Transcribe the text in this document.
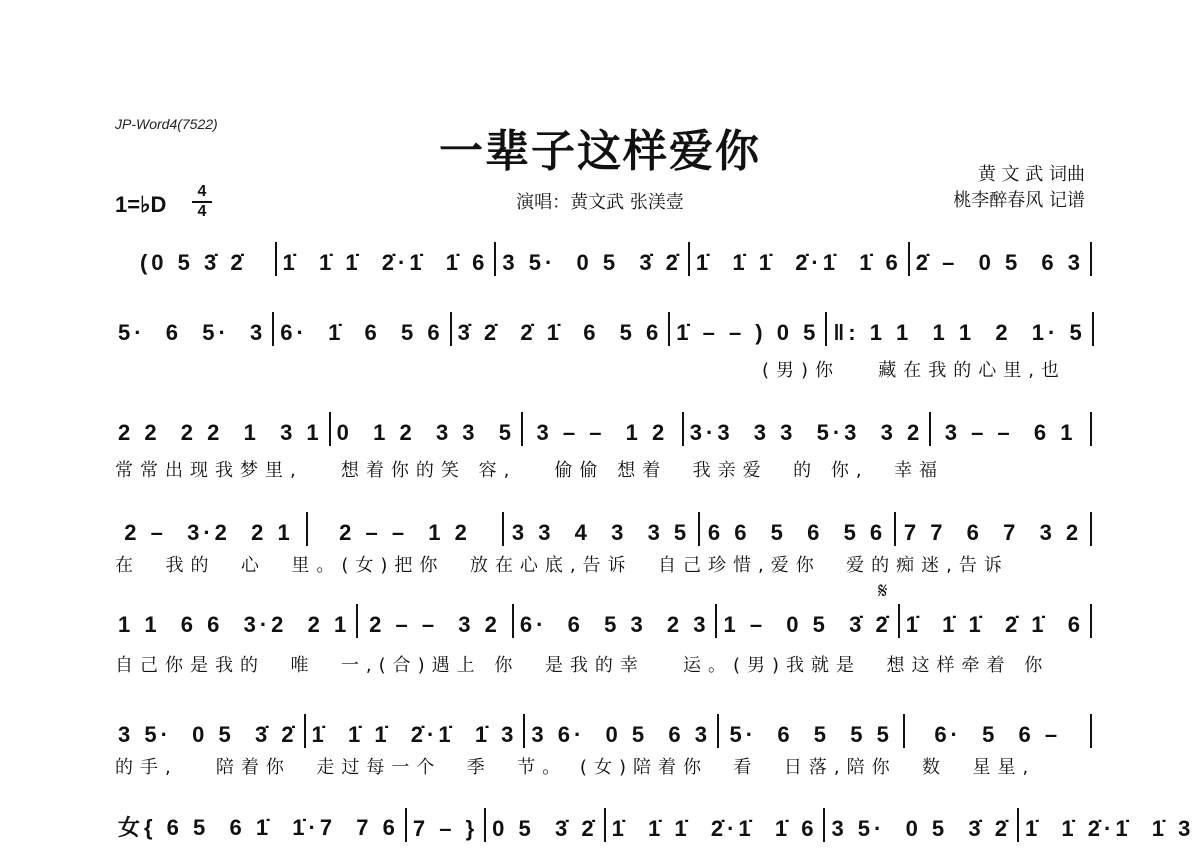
JP-Word4(7522)
一辈子这样爱你	黄 文 武 词曲
桃李醉春风 记谱
1=♭D
4
4	演唱：黄文武 张渼壹
(0 5 3̇ 2̇ 1̇  1̇ 1̇  2̇·1̇  1̇ 6 3 5·  0 5  3̇ 2̇ 1̇  1̇ 1̇  2̇·1̇  1̇ 6 2̇ –  0 5  6 3
5·  6  5·  3 6·  1̇  6  5 6 3̇ 2̇  2̇ 1̇  6  5 6 1̇ – – ) 0 5 ‖: 1 1  1 1  2  1· 5
(男)你   藏在我的心里,也
2 2  2 2  1  3 1 0  1 2  3 3  5 3 – –  1 2 3·3  3 3  5·3  3 2 3 – –  6 1
常常出现我梦里,   想着你的笑 容,   偷偷 想着  我亲爱  的 你,  幸福
2 –  3·2  2 1 2 – –  1 2 3 3  4  3  3 5 6 6  5  6  5 6 7 7  6  7  3 2
在  我的  心  里。(女)把你  放在心底,告诉  自己珍惜,爱你  爱的痴迷,告诉
1 1  6 6  3·2  2 1 2 – –  3 2 6·  6  5 3  2 3 1 –  0 5  3̇ 2̇ 1̇  1̇ 1̇  2̇ 1̇  6
自己你是我的  唯  一,(合)遇上 你  是我的幸   运。(男)我就是  想这样牵着 你
3 5·  0 5  3̇ 2̇ 1̇  1̇ 1̇  2̇·1̇  1̇ 3 3 6·  0 5  6 3 5·  6  5  5 5 6·  5  6 –
的手,   陪着你  走过每一个  季  节。 (女)陪着你  看  日落,陪你  数  星星,
女{ 6 5  6 1̇  1̇·7  7 6 7 – } 0 5  3̇ 2̇ 1̇  1̇ 1̇  2̇·1̇  1̇ 6 3 5·  0 5  3̇ 2̇ 1̇  1̇ 2̇·1̇  1̇ 3
𝄋
